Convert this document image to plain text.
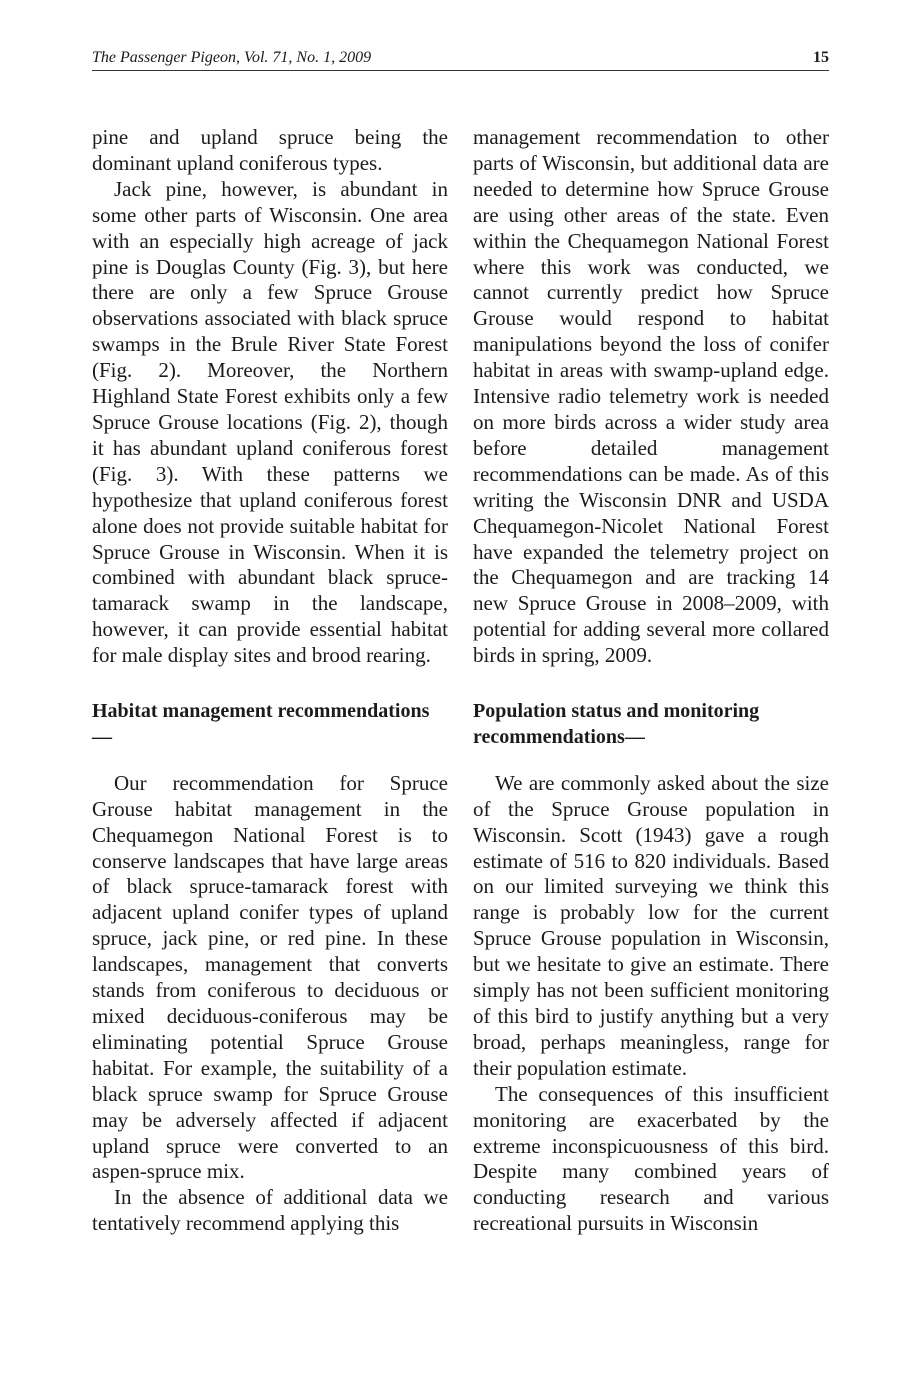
The Passenger Pigeon, Vol. 71, No. 1, 2009	15

pine and upland spruce being the dominant upland coniferous types.

Jack pine, however, is abundant in some other parts of Wisconsin. One area with an especially high acreage of jack pine is Douglas County (Fig. 3), but here there are only a few Spruce Grouse observations associated with black spruce swamps in the Brule River State Forest (Fig. 2). Moreover, the Northern Highland State Forest exhibits only a few Spruce Grouse locations (Fig. 2), though it has abundant upland coniferous forest (Fig. 3). With these patterns we hypothesize that upland coniferous forest alone does not provide suitable habitat for Spruce Grouse in Wisconsin. When it is combined with abundant black spruce-tamarack swamp in the landscape, however, it can provide essential habitat for male display sites and brood rearing.

Habitat management recommendations—

Our recommendation for Spruce Grouse habitat management in the Chequamegon National Forest is to conserve landscapes that have large areas of black spruce-tamarack forest with adjacent upland conifer types of upland spruce, jack pine, or red pine. In these landscapes, management that converts stands from coniferous to deciduous or mixed deciduous-coniferous may be eliminating potential Spruce Grouse habitat. For example, the suitability of a black spruce swamp for Spruce Grouse may be adversely affected if adjacent upland spruce were converted to an aspen-spruce mix.

In the absence of additional data we tentatively recommend applying this

management recommendation to other parts of Wisconsin, but additional data are needed to determine how Spruce Grouse are using other areas of the state. Even within the Chequamegon National Forest where this work was conducted, we cannot currently predict how Spruce Grouse would respond to habitat manipulations beyond the loss of conifer habitat in areas with swamp-upland edge. Intensive radio telemetry work is needed on more birds across a wider study area before detailed management recommendations can be made. As of this writing the Wisconsin DNR and USDA Chequamegon-Nicolet National Forest have expanded the telemetry project on the Chequamegon and are tracking 14 new Spruce Grouse in 2008–2009, with potential for adding several more collared birds in spring, 2009.

Population status and monitoring recommendations—

We are commonly asked about the size of the Spruce Grouse population in Wisconsin. Scott (1943) gave a rough estimate of 516 to 820 individuals. Based on our limited surveying we think this range is probably low for the current Spruce Grouse population in Wisconsin, but we hesitate to give an estimate. There simply has not been sufficient monitoring of this bird to justify anything but a very broad, perhaps meaningless, range for their population estimate.

The consequences of this insufficient monitoring are exacerbated by the extreme inconspicuousness of this bird. Despite many combined years of conducting research and various recreational pursuits in Wisconsin
